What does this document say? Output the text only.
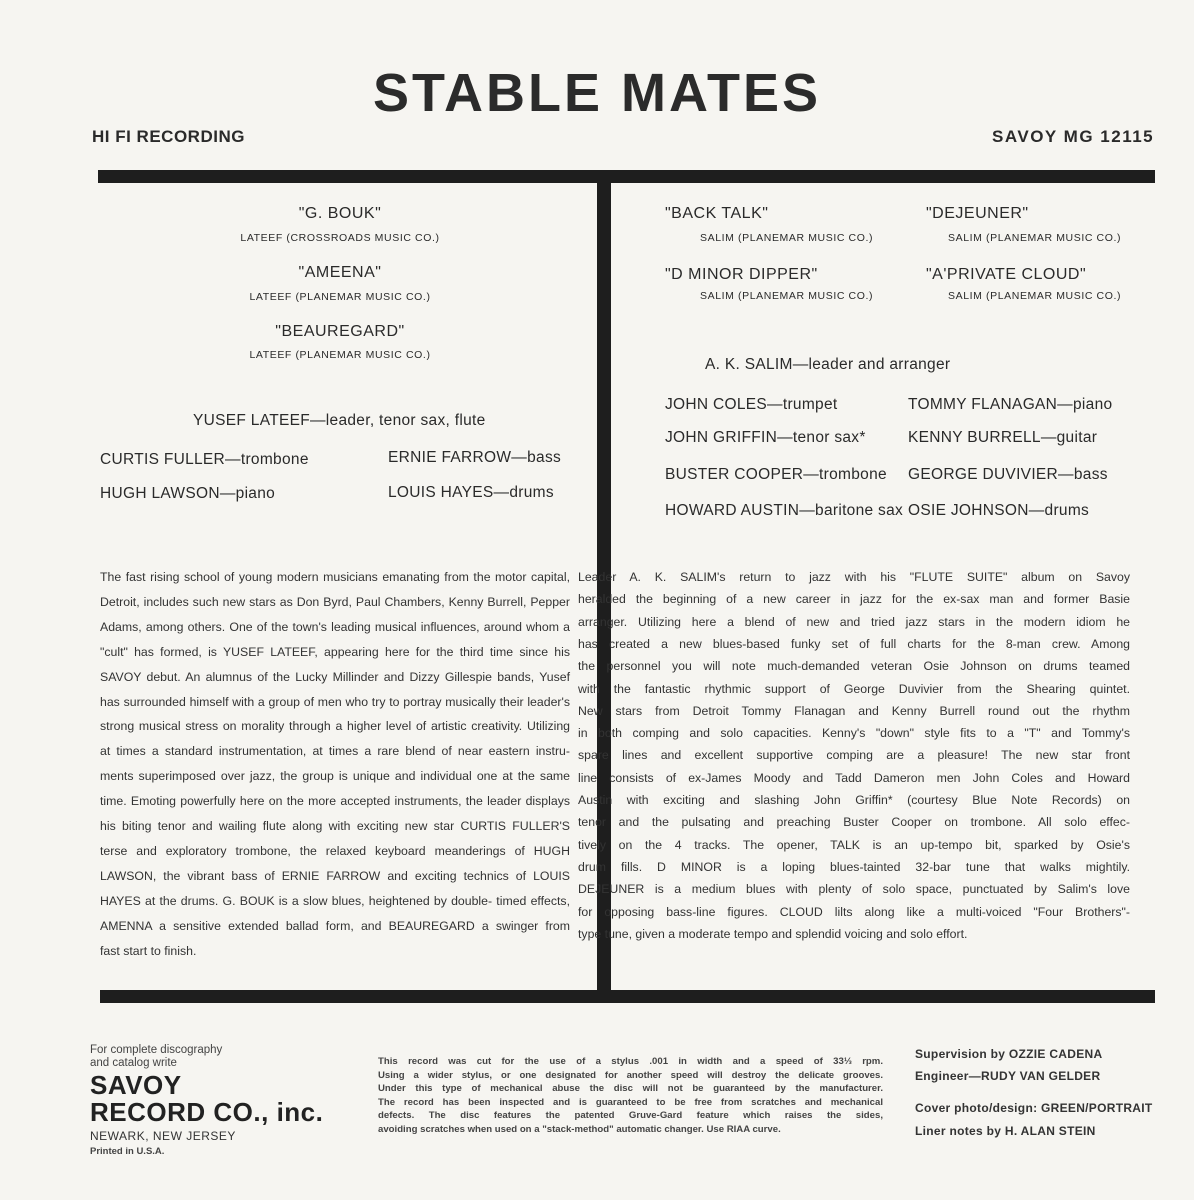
STABLE MATES
HI FI RECORDING	SAVOY MG 12115
"G. BOUK"
LATEEF (CROSSROADS MUSIC CO.)
"AMEENA"
LATEEF (PLANEMAR MUSIC CO.)
"BEAUREGARD"
LATEEF (PLANEMAR MUSIC CO.)
YUSEF LATEEF—leader, tenor sax, flute
CURTIS FULLER—trombone	ERNIE FARROW—bass
HUGH LAWSON—piano	LOUIS HAYES—drums
"BACK TALK"
SALIM (PLANEMAR MUSIC CO.)
"DEJEUNER"
SALIM (PLANEMAR MUSIC CO.)
"D MINOR DIPPER"
SALIM (PLANEMAR MUSIC CO.)
"A'PRIVATE CLOUD"
SALIM (PLANEMAR MUSIC CO.)
A. K. SALIM—leader and arranger
JOHN COLES—trumpet	TOMMY FLANAGAN—piano
JOHN GRIFFIN—tenor sax*	KENNY BURRELL—guitar
BUSTER COOPER—trombone GEORGE DUVIVIER—bass
HOWARD AUSTIN—baritone sax OSIE JOHNSON—drums
The fast rising school of young modern musicians emanating from the motor capital,
Detroit, includes such new stars as Don Byrd, Paul Chambers, Kenny Burrell, Pepper
Adams, among others. One of the town's leading musical influences, around whom a
"cult" has formed, is YUSEF LATEEF, appearing here for the third time since his
SAVOY debut. An alumnus of the Lucky Millinder and Dizzy Gillespie bands, Yusef
has surrounded himself with a group of men who try to portray musically their leader's
strong musical stress on morality through a higher level of artistic creativity. Utilizing
at times a standard instrumentation, at times a rare blend of near eastern instru-
ments superimposed over jazz, the group is unique and individual one at the same
time. Emoting powerfully here on the more accepted instruments, the leader displays
his biting tenor and wailing flute along with exciting new star CURTIS FULLER'S
terse and exploratory trombone, the relaxed keyboard meanderings of HUGH
LAWSON, the vibrant bass of ERNIE FARROW and exciting technics of LOUIS
HAYES at the drums. G. BOUK is a slow blues, heightened by double- timed effects,
AMENNA a sensitive extended ballad form, and BEAUREGARD a swinger from
fast start to finish.
Leader A. K. SALIM's return to jazz with his "FLUTE SUITE" album on Savoy
heralded the beginning of a new career in jazz for the ex-sax man and former Basie
arranger. Utilizing here a blend of new and tried jazz stars in the modern idiom he
has created a new blues-based funky set of full charts for the 8-man crew. Among
the personnel you will note much-demanded veteran Osie Johnson on drums teamed
with the fantastic rhythmic support of George Duvivier from the Shearing quintet.
New stars from Detroit Tommy Flanagan and Kenny Burrell round out the rhythm
in both comping and solo capacities. Kenny's "down" style fits to a "T" and Tommy's
spare lines and excellent supportive comping are a pleasure! The new star front
line consists of ex-James Moody and Tadd Dameron men John Coles and Howard
Austin with exciting and slashing John Griffin* (courtesy Blue Note Records) on
tenor and the pulsating and preaching Buster Cooper on trombone. All solo effec-
tively on the 4 tracks. The opener, TALK is an up-tempo bit, sparked by Osie's
drum fills. D MINOR is a loping blues-tainted 32-bar tune that walks mightily.
DEJEUNER is a medium blues with plenty of solo space, punctuated by Salim's love
for opposing bass-line figures. CLOUD lilts along like a multi-voiced "Four Brothers"-
type tune, given a moderate tempo and splendid voicing and solo effort.
For complete discography
and catalog write
SAVOY
RECORD CO., inc.
NEWARK, NEW JERSEY
Printed in U.S.A.
This record was cut for the use of a stylus .001 in width and a speed of 33⅓ rpm.
Using a wider stylus, or one designated for another speed will destroy the delicate grooves.
Under this type of mechanical abuse the disc will not be guaranteed by the manufacturer.
The record has been inspected and is guaranteed to be free from scratches and mechanical
defects. The disc features the patented Gruve-Gard feature which raises the sides,
avoiding scratches when used on a "stack-method" automatic changer. Use RIAA curve.
Supervision by OZZIE CADENA
Engineer—RUDY VAN GELDER
Cover photo/design: GREEN/PORTRAIT
Liner notes by H. ALAN STEIN
